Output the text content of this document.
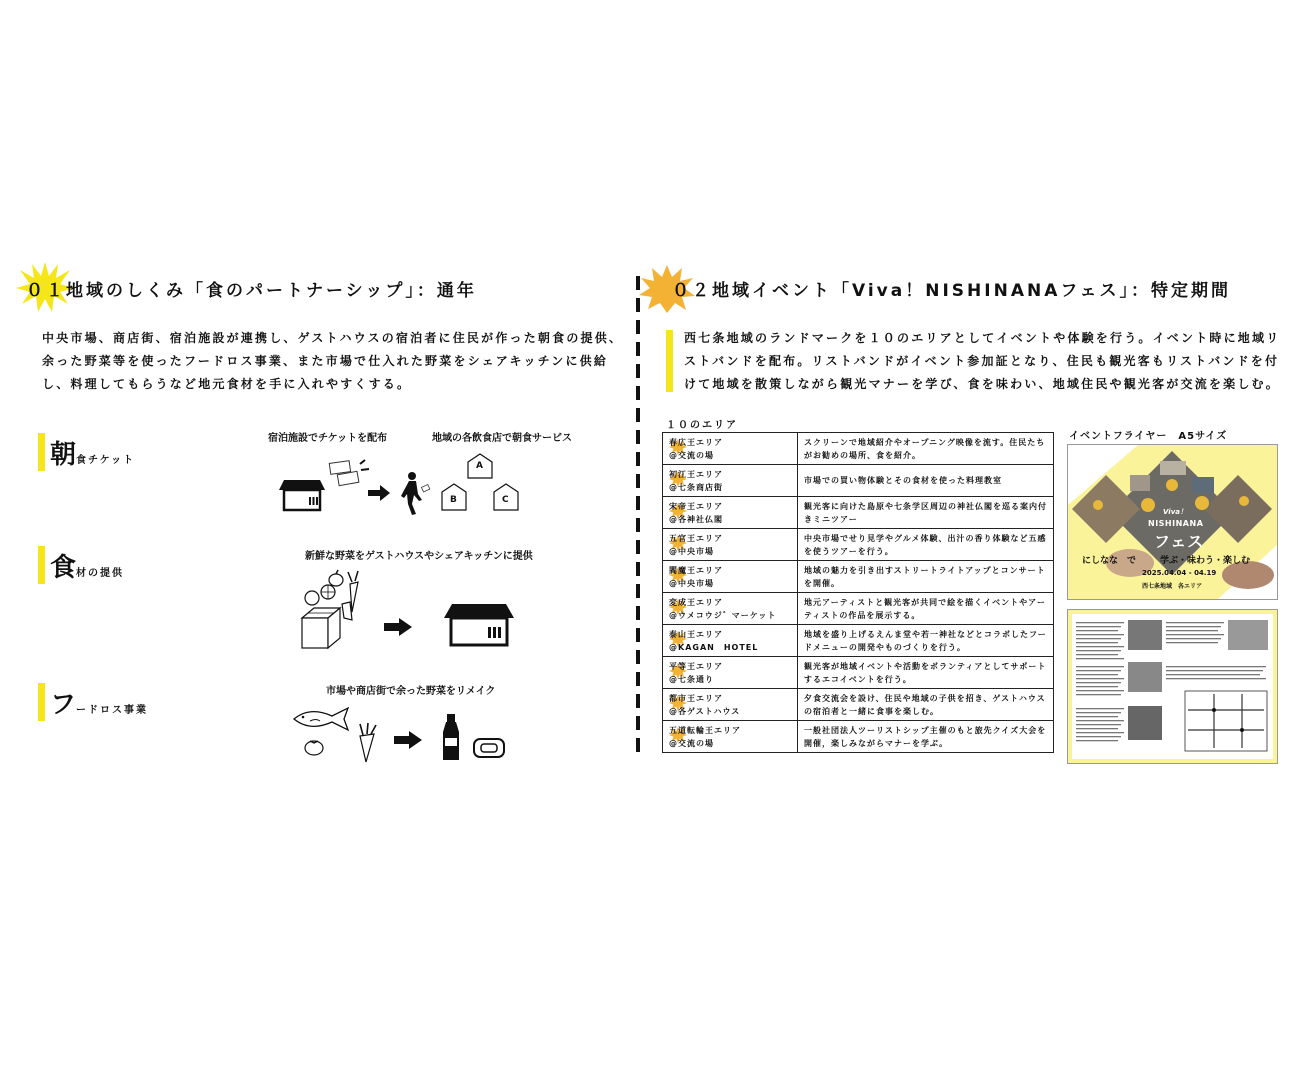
０１地域のしくみ「食のパートナーシップ」：通年
中央市場、商店街、宿泊施設が連携し、ゲストハウスの宿泊者に住民が作った朝食の提供、
余った野菜等を使ったフードロス事業、また市場で仕入れた野菜をシェアキッチンに供給
し、料理してもらうなど地元食材を手に入れやすくする。
朝食チケット
食材の提供
フードロス事業
宿泊施設でチケットを配布	地域の各飲食店で朝食サービス
新鮮な野菜をゲストハウスやシェアキッチンに提供
市場や商店街で余った野菜をリメイク
A
B	C
０２地域イベント「Viva！NISHINANAフェス」：特定期間
西七条地域のランドマークを１０のエリアとしてイベントや体験を行う。イベント時に地域リ
ストバンドを配布。リストバンドがイベント参加証となり、住民も観光客もリストバンドを付
けて地域を散策しながら観光マナーを学び、食を味わい、地域住民や観光客が交流を楽しむ。
１０のエリア
春広王エリア
@交流の場	スクリーンで地域紹介やオープニング映像を流す。住民たちがお勧めの場所、食を紹介。

初江王エリア
@七条商店街	市場での買い物体験とその食材を使った料理教室

宋帝王エリア
@各神社仏閣	観光客に向けた島原や七条学区周辺の神社仏閣を巡る案内付きミニツアー

五官王エリア
@中央市場	中央市場でせり見学やグルメ体験、出汁の香り体験など五感を使うツアーを行う。

閻魔王エリア
@中央市場	地域の魅力を引き出すストリートライトアップとコンサートを開催。

変成王エリア
@ウメコウジ゛マーケット	地元アーティストと観光客が共同で絵を描くイベントやアーティストの作品を展示する。

泰山王エリア
@KAGAN　HOTEL	地域を盛り上げるえんま堂や若一神社などとコラボしたフードメニューの開発やものづくりを行う。

平等王エリア
@七条通り	観光客が地域イベントや活動をボランティアとしてサポートするエコイベントを行う。

都市王エリア
@各ゲストハウス	夕食交流会を設け、住民や地域の子供を招き、ゲストハウスの宿泊者と一緒に食事を楽しむ。

五道転輪王エリア
@交流の場	一般社団法人ツーリストシップ主催のもと旅先クイズ大会を開催，楽しみながらマナーを学ぶ。
イベントフライヤー　A5サイズ
Viva！
NISHINANA
フェス
にしなな　で	学ぶ・味わう・楽しむ
2025.04.04 - 04.19
西七条地域　各エリア
